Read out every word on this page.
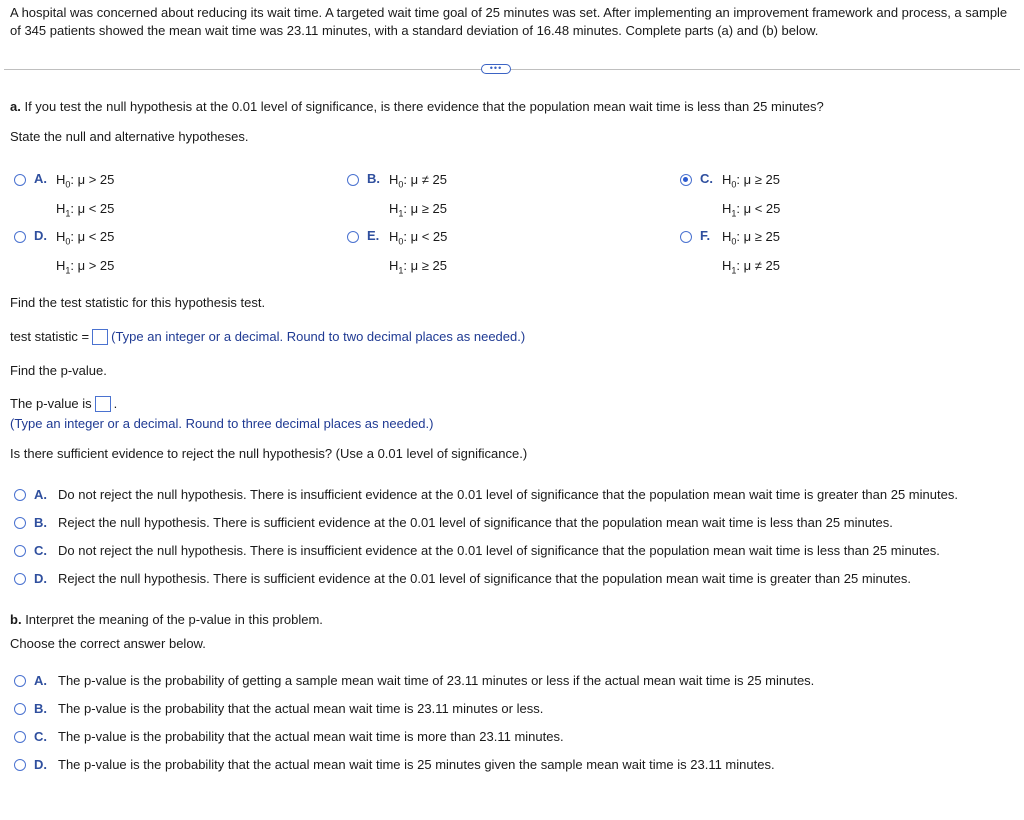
A hospital was concerned about reducing its wait time. A targeted wait time goal of 25 minutes was set. After implementing an improvement framework and process, a sample of 345 patients showed the mean wait time was 23.11 minutes, with a standard deviation of 16.48 minutes. Complete parts (a) and (b) below.
•••
a. If you test the null hypothesis at the 0.01 level of significance, is there evidence that the population mean wait time is less than 25 minutes?
State the null and alternative hypotheses.
A. $H_0$: μ > 25
$H_1$: μ < 25
B. $H_0$: μ ≠ 25
$H_1$: μ ≥ 25
C. $H_0$: μ ≥ 25
$H_1$: μ < 25
D. $H_0$: μ < 25
$H_1$: μ > 25
E. $H_0$: μ < 25
$H_1$: μ ≥ 25
F. $H_0$: μ ≥ 25
$H_1$: μ ≠ 25
Find the test statistic for this hypothesis test.
test statistic = (Type an integer or a decimal. Round to two decimal places as needed.)
Find the p-value.
The p-value is .
(Type an integer or a decimal. Round to three decimal places as needed.)
Is there sufficient evidence to reject the null hypothesis? (Use a 0.01 level of significance.)
A. Do not reject the null hypothesis. There is insufficient evidence at the 0.01 level of significance that the population mean wait time is greater than 25 minutes.
B. Reject the null hypothesis. There is sufficient evidence at the 0.01 level of significance that the population mean wait time is less than 25 minutes.
C. Do not reject the null hypothesis. There is insufficient evidence at the 0.01 level of significance that the population mean wait time is less than 25 minutes.
D. Reject the null hypothesis. There is sufficient evidence at the 0.01 level of significance that the population mean wait time is greater than 25 minutes.
b. Interpret the meaning of the p-value in this problem.
Choose the correct answer below.
A. The p-value is the probability of getting a sample mean wait time of 23.11 minutes or less if the actual mean wait time is 25 minutes.
B. The p-value is the probability that the actual mean wait time is 23.11 minutes or less.
C. The p-value is the probability that the actual mean wait time is more than 23.11 minutes.
D. The p-value is the probability that the actual mean wait time is 25 minutes given the sample mean wait time is 23.11 minutes.
